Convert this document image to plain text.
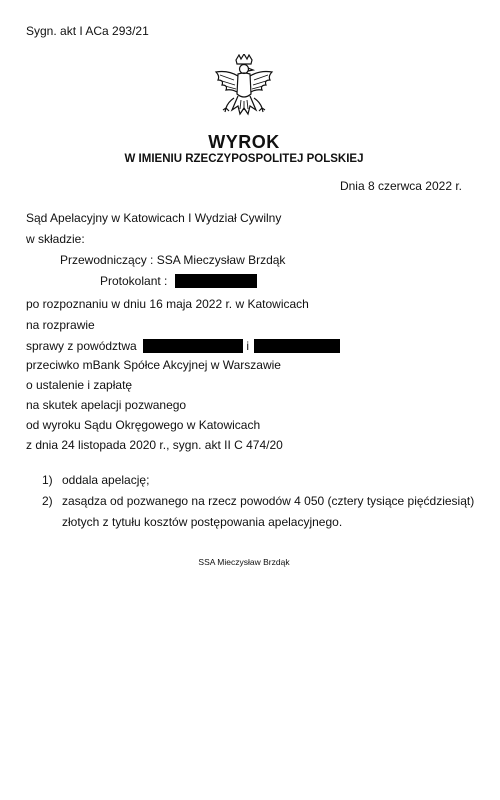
Sygn. akt I ACa 293/21
WYROK
W IMIENIU RZECZYPOSPOLITEJ POLSKIEJ
Dnia 8 czerwca 2022 r.
Sąd Apelacyjny w Katowicach I Wydział Cywilny
w składzie:
Przewodniczący : SSA Mieczysław Brzdąk
Protokolant :
po rozpoznaniu w dniu 16 maja 2022 r. w Katowicach
na rozprawie
sprawy z powództwa	i
przeciwko mBank Spółce Akcyjnej w Warszawie
o ustalenie i zapłatę
na skutek apelacji pozwanego
od wyroku Sądu Okręgowego w Katowicach
z dnia 24 listopada 2020 r., sygn. akt II C 474/20
1) oddala apelację;
2) zasądza od pozwanego na rzecz powodów 4 050 (cztery tysiące pięćdziesiąt)
złotych z tytułu kosztów postępowania apelacyjnego.
SSA Mieczysław Brzdąk
